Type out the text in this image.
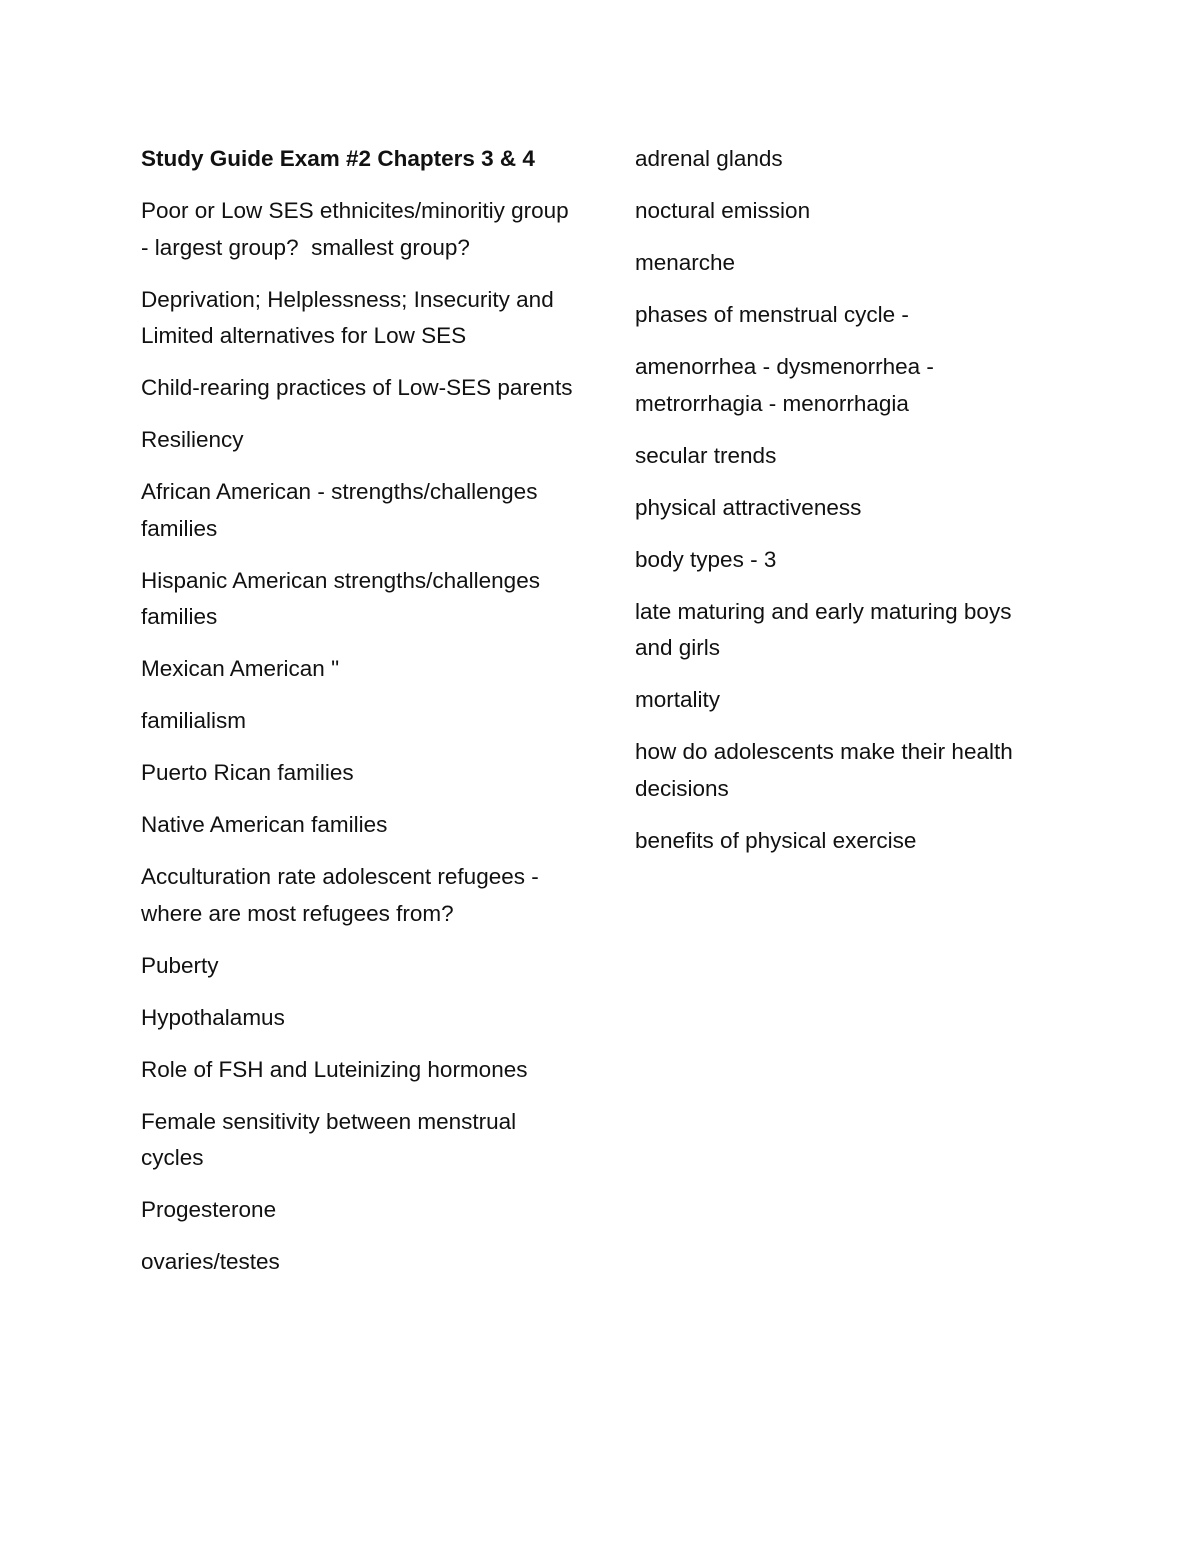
Study Guide Exam #2 Chapters 3 & 4
Poor or Low SES ethnicites/minoritiy group - largest group?  smallest group?
Deprivation; Helplessness; Insecurity and Limited alternatives for Low SES
Child-rearing practices of Low-SES parents
Resiliency
African American - strengths/challenges families
Hispanic American strengths/challenges families
Mexican American "
familialism
Puerto Rican families
Native American families
Acculturation rate adolescent refugees - where are most refugees from?
Puberty
Hypothalamus
Role of FSH and Luteinizing hormones
Female sensitivity between menstrual cycles
Progesterone
ovaries/testes
adrenal glands
noctural emission
menarche
phases of menstrual cycle -
amenorrhea - dysmenorrhea - metrorrhagia - menorrhagia
secular trends
physical attractiveness
body types - 3
late maturing and early maturing boys and girls
mortality
how do adolescents make their health decisions
benefits of physical exercise
